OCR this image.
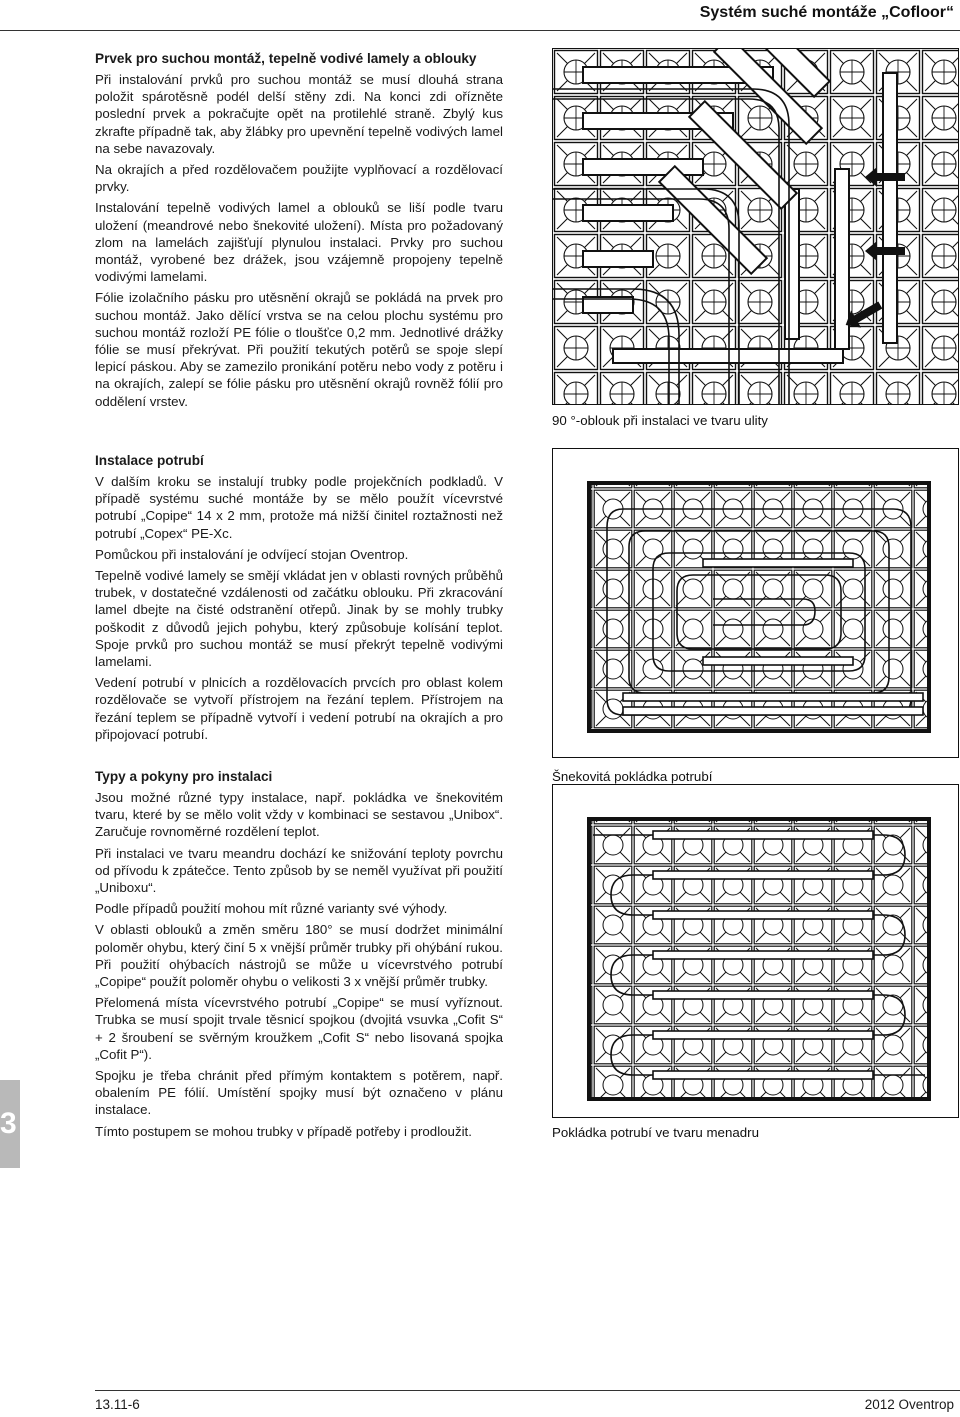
Systém suché montáže „Cofloor“
Prvek pro suchou montáž, tepelně vodivé lamely a oblouky

Při instalování prvků pro suchou montáž se musí dlouhá strana položit spárotěsně podél delší stěny zdi. Na konci zdi ořízněte poslední prvek a pokračujte opět na protilehlé straně. Zbylý kus zkrafte případně tak, aby žlábky pro upevnění tepelně vodivých lamel na sebe navazovaly.

Na okrajích a před rozdělovačem použijte vyplňovací a rozdělovací prvky.

Instalování tepelně vodivých lamel a oblouků se liší podle tvaru uložení (meandrové nebo šnekovité uložení). Místa pro požadovaný zlom na lamelách zajišťují plynulou instalaci. Prvky pro suchou montáž, vyrobené bez drážek, jsou vzájemně propojeny tepelně vodivými lamelami.

Fólie izolačního pásku pro utěsnění okrajů se pokládá na prvek pro suchou montáž. Jako dělící vrstva se na celou plochu systému pro suchou montáž rozloží PE fólie o tloušťce 0,2 mm. Jednotlivé drážky fólie se musí překrývat. Při použití tekutých potěrů se spoje slepí lepicí páskou. Aby se zamezilo pronikání potěru nebo vody z potěru i na okrajích, zalepí se fólie pásku pro utěsnění okrajů rovněž fólií pro oddělení vrstev.

Instalace potrubí

V dalším kroku se instalují trubky podle projekčních podkladů. V případě systému suché montáže by se mělo použít vícevrstvé potrubí „Copipe“ 14 x 2 mm, protože má nižší činitel roztažnosti než potrubí „Copex“ PE-Xc.

Pomůckou při instalování je odvíjecí stojan Oventrop.

Tepelně vodivé lamely se smějí vkládat jen v oblasti rovných průběhů trubek, v dostatečné vzdálenosti od začátku oblouku. Při zkracování lamel dbejte na čisté odstranění otřepů. Jinak by se mohly trubky poškodit z důvodů jejich pohybu, který způsobuje kolísání teplot. Spoje prvků pro suchou montáž se musí překrýt tepelně vodivými lamelami.

Vedení potrubí v plnicích a rozdělovacích prvcích pro oblast kolem rozdělovače se vytvoří přístrojem na řezání teplem. Přístrojem na řezání teplem se případně vytvoří i vedení potrubí na okrajích a pro připojovací potrubí.

Typy a pokyny pro instalaci

Jsou možné různé typy instalace, např. pokládka ve šnekovitém tvaru, které by se mělo volit vždy v kombinaci se sestavou „Unibox“. Zaručuje rovnoměrné rozdělení teplot.

Při instalaci ve tvaru meandru dochází ke snižování teploty povrchu od přívodu k zpátečce. Tento způsob by se neměl využívat při použití „Uniboxu“.

Podle případů použití mohou mít různé varianty své výhody.

V oblasti oblouků a změn směru 180° se musí dodržet minimální poloměr ohybu, který činí 5 x vnější průměr trubky při ohýbání rukou. Při použití ohýbacích nástrojů se může u vícevrstvého potrubí „Copipe“ použít poloměr ohybu o velikosti 3 x vnější průměr trubky.

Přelomená místa vícevrstvého potrubí „Copipe“ se musí vyříznout. Trubka se musí spojit trvale těsnicí spojkou (dvojitá vsuvka „Cofit S“ + 2 šroubení se svěrným kroužkem „Cofit S“ nebo lisovaná spojka „Cofit P“).

Spojku je třeba chránit před přímým kontaktem s potěrem, např. obalením PE fólií. Umístění spojky musí být označeno v plánu instalace.

Tímto postupem se mohou trubky v případě potřeby i prodloužit.

90 °-oblouk při instalaci ve tvaru ulity
Šnekovitá pokládka potrubí
Pokládka potrubí ve tvaru menadru
3
13.11-6	2012 Oventrop
